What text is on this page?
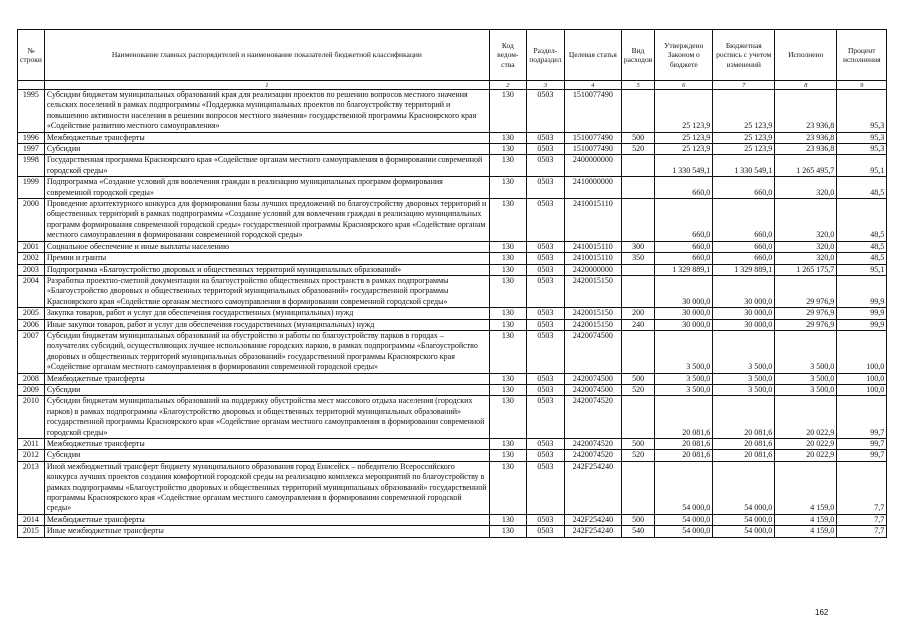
№ строки	Наименование главных распорядителей и наименование показателей бюджетной классификации	Код ведом-ства	Раздел-подраздел	Целевая статья	Вид расходов	Утверждено Законом о бюджете	Бюджетная роспись с учетом изменений	Исполнено	Процент исполнения
	1	2	3	4	5	6	7	8	9
1995	Субсидии бюджетам муниципальных образований края для реализации проектов по решению вопросов местного значения сельских поселений в рамках подпрограммы «Поддержка муниципальных проектов по благоустройству территорий и повышению активности населения в решении вопросов местного значения» государственной программы Красноярского края «Содействие развитию местного самоуправления»	130	0503	1510077490		25 123,9	25 123,9	23 936,8	95,3
1996	Межбюджетные трансферты	130	0503	1510077490	500	25 123,9	25 123,9	23 936,8	95,3
1997	Субсидии	130	0503	1510077490	520	25 123,9	25 123,9	23 936,8	95,3
1998	Государственная программа Красноярского края «Содействие органам местного самоуправления в формировании современной городской среды»	130	0503	2400000000		1 330 549,1	1 330 549,1	1 265 495,7	95,1
1999	Подпрограмма «Создание условий для вовлечения граждан в реализацию муниципальных программ формирования современной городской среды»	130	0503	2410000000		660,0	660,0	320,0	48,5
2000	Проведение архитектурного конкурса для формирования базы лучших предложений по благоустройству дворовых территорий и общественных территорий в рамках подпрограммы «Создание условий для вовлечения граждан в реализацию муниципальных программ формирования современной городской среды» государственной программы Красноярского края «Содействие органам местного самоуправления в формировании современной городской среды»	130	0503	2410015110		660,0	660,0	320,0	48,5
2001	Социальное обеспечение и иные выплаты населению	130	0503	2410015110	300	660,0	660,0	320,0	48,5
2002	Премии и гранты	130	0503	2410015110	350	660,0	660,0	320,0	48,5
2003	Подпрограмма «Благоустройство дворовых и общественных территорий муниципальных образований»	130	0503	2420000000		1 329 889,1	1 329 889,1	1 265 175,7	95,1
2004	Разработка проектно-сметной документации на благоустройство общественных пространств в рамках подпрограммы «Благоустройство дворовых и общественных территорий муниципальных образований» государственной программы Красноярского края «Содействие органам местного самоуправления в формировании современной городской среды»	130	0503	2420015150		30 000,0	30 000,0	29 976,9	99,9
2005	Закупка товаров, работ и услуг для обеспечения государственных (муниципальных) нужд	130	0503	2420015150	200	30 000,0	30 000,0	29 976,9	99,9
2006	Иные закупки товаров, работ и услуг для обеспечения государственных (муниципальных) нужд	130	0503	2420015150	240	30 000,0	30 000,0	29 976,9	99,9
2007	Субсидии бюджетам муниципальных образований на обустройство и работы по благоустройству парков в городах – получателях субсидий, осуществляющих лучшее использование городских парков, в рамках подпрограммы «Благоустройство дворовых и общественных территорий муниципальных образований» государственной программы Красноярского края «Содействие органам местного самоуправления в формировании современной городской среды»	130	0503	2420074500		3 500,0	3 500,0	3 500,0	100,0
2008	Межбюджетные трансферты	130	0503	2420074500	500	3 500,0	3 500,0	3 500,0	100,0
2009	Субсидии	130	0503	2420074500	520	3 500,0	3 500,0	3 500,0	100,0
2010	Субсидии бюджетам муниципальных образований на поддержку обустройства мест массового отдыха населения (городских парков) в рамках подпрограммы «Благоустройство дворовых и общественных территорий муниципальных образований» государственной программы Красноярского края «Содействие органам местного самоуправления в формировании современной городской среды»	130	0503	2420074520		20 081,6	20 081,6	20 022,9	99,7
2011	Межбюджетные трансферты	130	0503	2420074520	500	20 081,6	20 081,6	20 022,9	99,7
2012	Субсидии	130	0503	2420074520	520	20 081,6	20 081,6	20 022,9	99,7
2013	Иной межбюджетный трансферт бюджету муниципального образования город Енисейск – победителю Всероссийского конкурса лучших проектов создания комфортной городской среды на реализацию комплекса мероприятий по благоустройству в рамках подпрограммы «Благоустройство дворовых и общественных территорий муниципальных образований» государственной программы Красноярского края «Содействие органам местного самоуправления в формировании современной городской среды»	130	0503	242F254240		54 000,0	54 000,0	4 159,0	7,7
2014	Межбюджетные трансферты	130	0503	242F254240	500	54 000,0	54 000,0	4 159,0	7,7
2015	Иные межбюджетные трансферты	130	0503	242F254240	540	54 000,0	54 000,0	4 159,0	7,7
162
